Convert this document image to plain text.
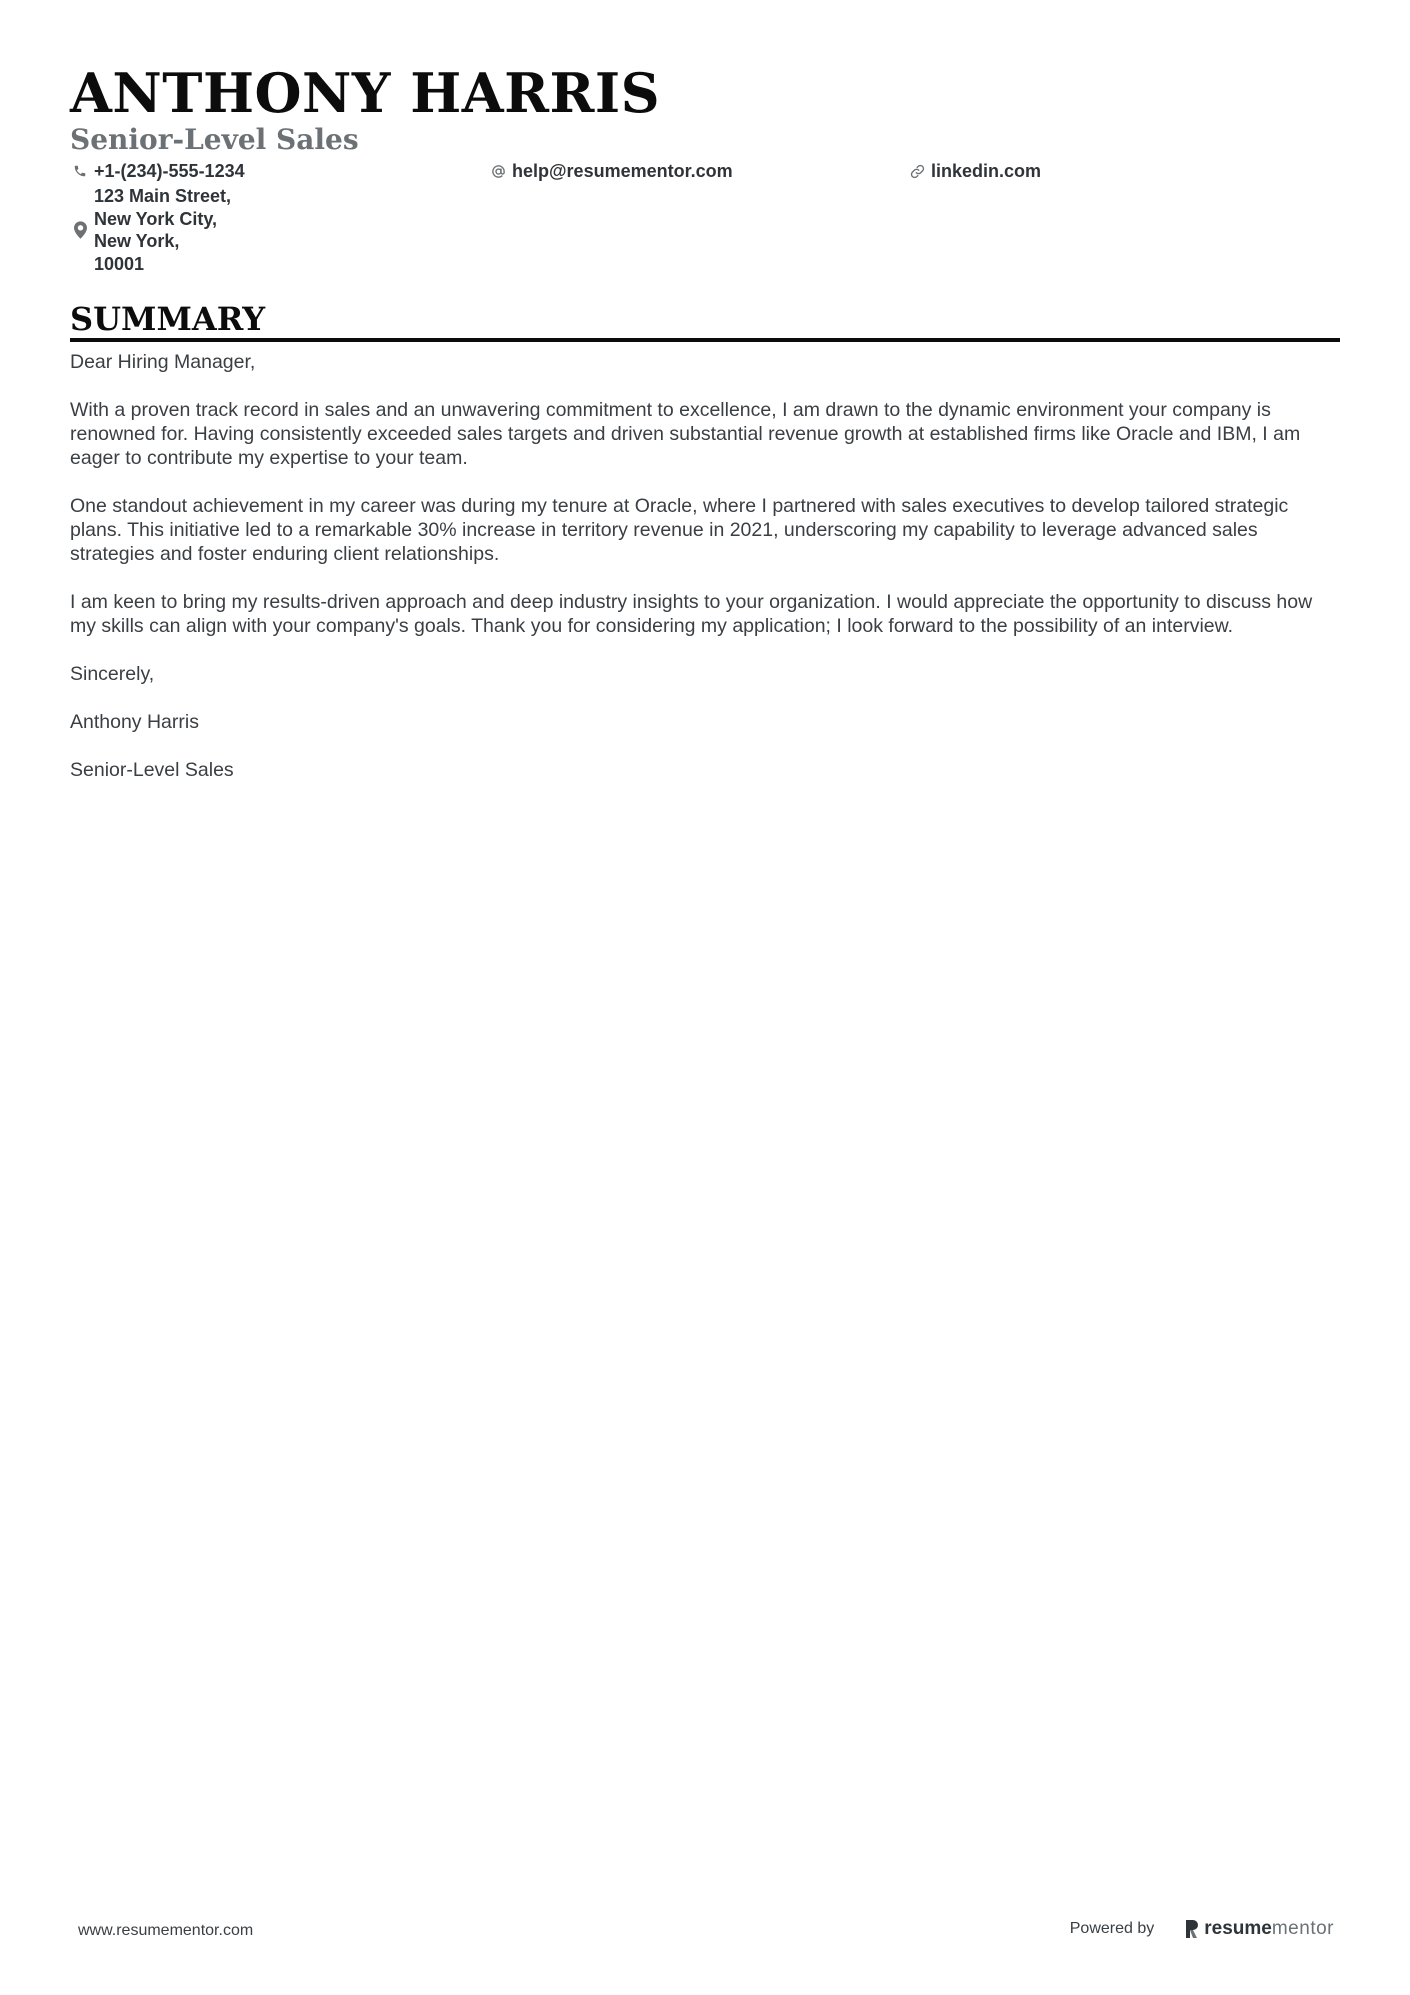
ANTHONY HARRIS
Senior-Level Sales
+1-(234)-555-1234	help@resumementor.com	linkedin.com
123 Main Street,
New York City,
New York,
10001
SUMMARY

Dear Hiring Manager,

With a proven track record in sales and an unwavering commitment to excellence, I am drawn to the dynamic environment your company is renowned for. Having consistently exceeded sales targets and driven substantial revenue growth at established firms like Oracle and IBM, I am eager to contribute my expertise to your team.

One standout achievement in my career was during my tenure at Oracle, where I partnered with sales executives to develop tailored strategic plans. This initiative led to a remarkable 30% increase in territory revenue in 2021, underscoring my capability to leverage advanced sales strategies and foster enduring client relationships.

I am keen to bring my results-driven approach and deep industry insights to your organization. I would appreciate the opportunity to discuss how my skills can align with your company's goals. Thank you for considering my application; I look forward to the possibility of an interview.

Sincerely,

Anthony Harris

Senior-Level Sales

www.resumementor.com	Powered by	resume mentor
